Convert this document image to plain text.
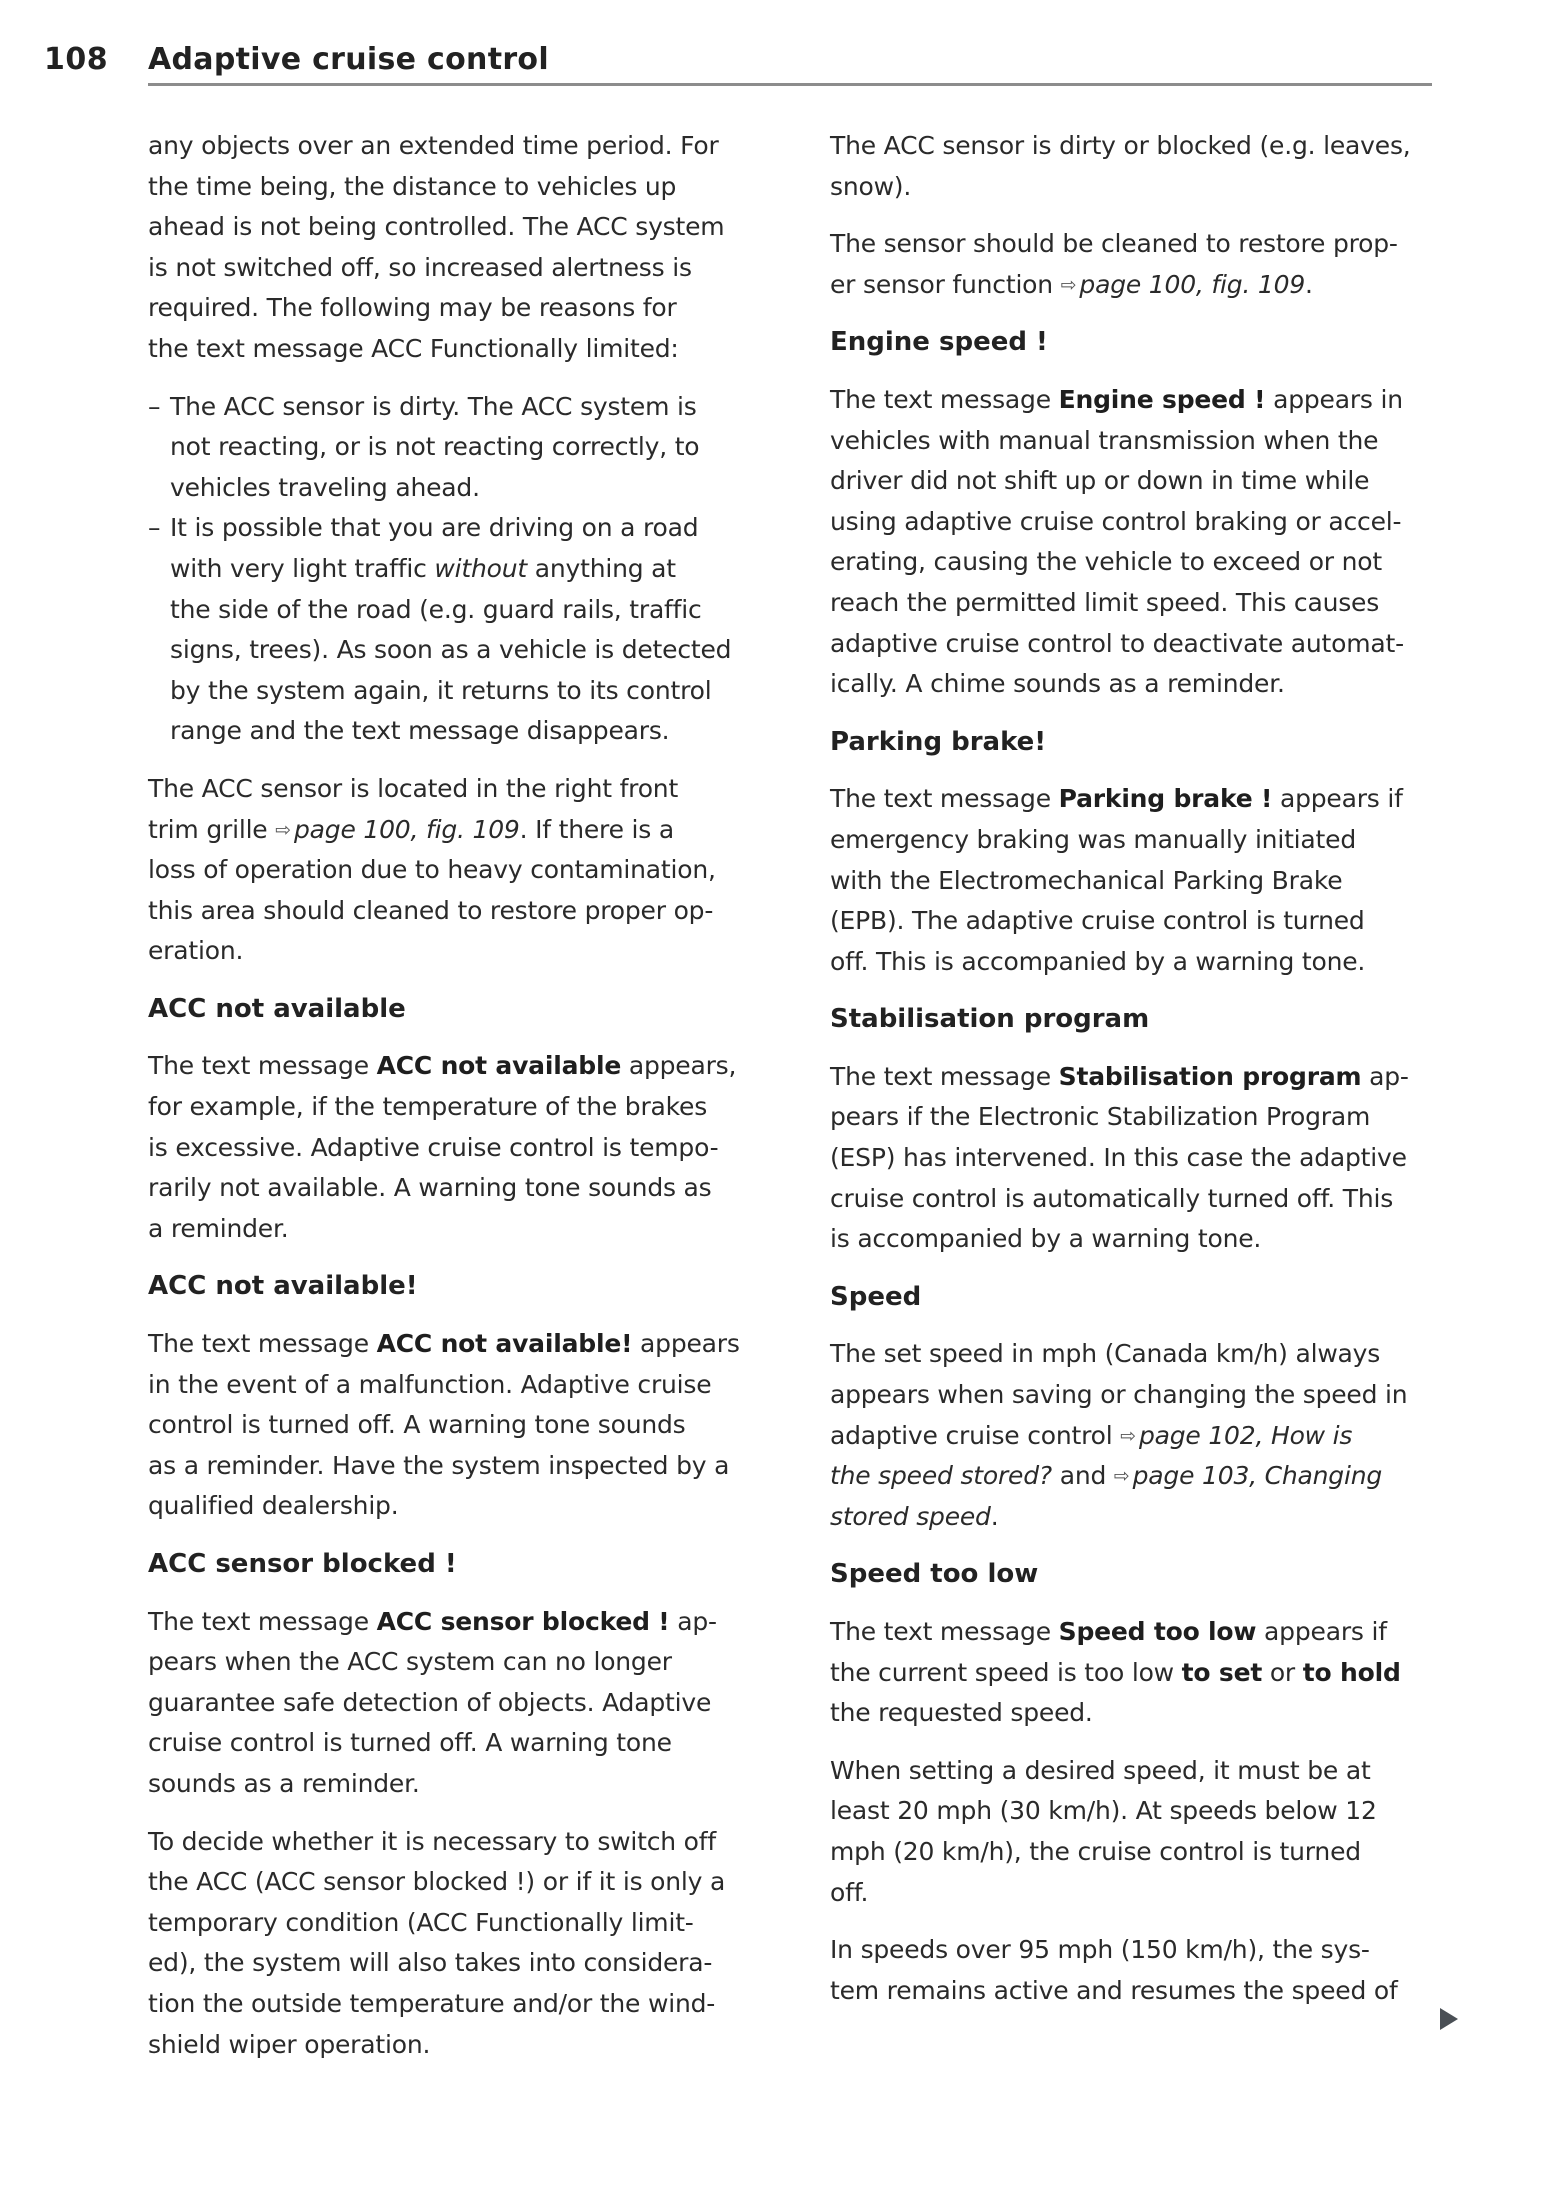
108 Adaptive cruise control
any objects over an extended time period. For
the time being, the distance to vehicles up
ahead is not being controlled. The ACC system
is not switched off, so increased alertness is
required. The following may be reasons for
the text message ACC Functionally limited:
– The ACC sensor is dirty. The ACC system is
not reacting, or is not reacting correctly, to
vehicles traveling ahead.
– It is possible that you are driving on a road
with very light traffic without anything at
the side of the road (e.g. guard rails, traffic
signs, trees). As soon as a vehicle is detected
by the system again, it returns to its control
range and the text message disappears.
The ACC sensor is located in the right front
trim grille ⇨ page 100, fig. 109. If there is a
loss of operation due to heavy contamination,
this area should cleaned to restore proper op-
eration.
ACC not available
The text message ACC not available appears,
for example, if the temperature of the brakes
is excessive. Adaptive cruise control is tempo-
rarily not available. A warning tone sounds as
a reminder.
ACC not available!
The text message ACC not available! appears
in the event of a malfunction. Adaptive cruise
control is turned off. A warning tone sounds
as a reminder. Have the system inspected by a
qualified dealership.
ACC sensor blocked !
The text message ACC sensor blocked ! ap-
pears when the ACC system can no longer
guarantee safe detection of objects. Adaptive
cruise control is turned off. A warning tone
sounds as a reminder.
To decide whether it is necessary to switch off
the ACC (ACC sensor blocked !) or if it is only a
temporary condition (ACC Functionally limit-
ed), the system will also takes into considera-
tion the outside temperature and/or the wind-
shield wiper operation.
The ACC sensor is dirty or blocked (e.g. leaves,
snow).
The sensor should be cleaned to restore prop-
er sensor function ⇨ page 100, fig. 109.
Engine speed !
The text message Engine speed ! appears in
vehicles with manual transmission when the
driver did not shift up or down in time while
using adaptive cruise control braking or accel-
erating, causing the vehicle to exceed or not
reach the permitted limit speed. This causes
adaptive cruise control to deactivate automat-
ically. A chime sounds as a reminder.
Parking brake!
The text message Parking brake ! appears if
emergency braking was manually initiated
with the Electromechanical Parking Brake
(EPB). The adaptive cruise control is turned
off. This is accompanied by a warning tone.
Stabilisation program
The text message Stabilisation program ap-
pears if the Electronic Stabilization Program
(ESP) has intervened. In this case the adaptive
cruise control is automatically turned off. This
is accompanied by a warning tone.
Speed
The set speed in mph (Canada km/h) always
appears when saving or changing the speed in
adaptive cruise control ⇨ page 102, How is
the speed stored? and ⇨ page 103, Changing
stored speed.
Speed too low
The text message Speed too low appears if
the current speed is too low to set or to hold
the requested speed.
When setting a desired speed, it must be at
least 20 mph (30 km/h). At speeds below 12
mph (20 km/h), the cruise control is turned
off.
In speeds over 95 mph (150 km/h), the sys-
tem remains active and resumes the speed of
